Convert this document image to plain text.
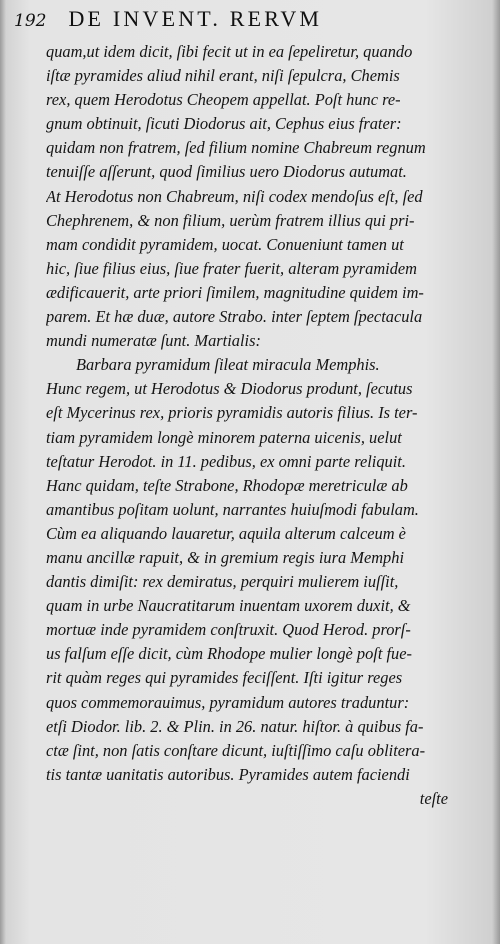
192 DE INVENT. RERVM
quam,ut idem dicit, ſibi fecit ut in ea ſepeliretur, quando
iſtæ pyramides aliud nihil erant, niſi ſepulcra, Chemis
rex, quem Herodotus Cheopem appellat. Poſt hunc re-
gnum obtinuit, ſicuti Diodorus ait, Cephus eius frater:
quidam non fratrem, ſed filium nomine Chabreum regnum
tenuiſſe aſſerunt, quod ſimilius uero Diodorus autumat.
At Herodotus non Chabreum, niſi codex mendoſus eſt, ſed
Chephrenem, & non filium, uerùm fratrem illius qui pri-
mam condidit pyramidem, uocat. Conueniunt tamen ut
hic, ſiue filius eius, ſiue frater fuerit, alteram pyramidem
ædificauerit, arte priori ſimilem, magnitudine quidem im-
parem. Et hæ duæ, autore Strabo. inter ſeptem ſpectacula
mundi numeratæ ſunt. Martialis:
Barbara pyramidum ſileat miracula Memphis.
Hunc regem, ut Herodotus & Diodorus produnt, ſecutus
eſt Mycerinus rex, prioris pyramidis autoris filius. Is ter-
tiam pyramidem longè minorem paterna uicenis, uelut
teſtatur Herodot. in 11. pedibus, ex omni parte reliquit.
Hanc quidam, teſte Strabone, Rhodopæ meretriculæ ab
amantibus poſitam uolunt, narrantes huiuſmodi fabulam.
Cùm ea aliquando lauaretur, aquila alterum calceum è
manu ancillæ rapuit, & in gremium regis iura Memphi
dantis dimiſit: rex demiratus, perquiri mulierem iuſſit,
quam in urbe Naucratitarum inuentam uxorem duxit, &
mortuæ inde pyramidem conſtruxit. Quod Herod. prorſ-
us falſum eſſe dicit, cùm Rhodope mulier longè poſt fue-
rit quàm reges qui pyramides feciſſent. Iſti igitur reges
quos commemorauimus, pyramidum autores traduntur:
etſi Diodor. lib. 2. & Plin. in 26. natur. hiſtor. à quibus fa-
ctæ ſint, non ſatis conſtare dicunt, iuſtiſſimo caſu oblitera-
tis tantæ uanitatis autoribus. Pyramides autem faciendi
teſte
